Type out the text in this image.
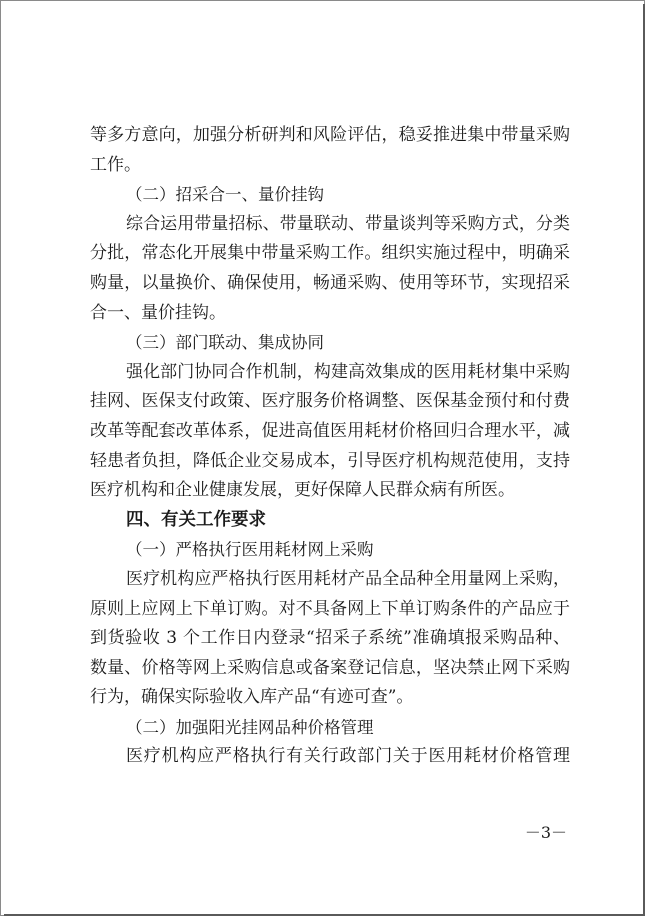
等多方意向，加强分析研判和风险评估，稳妥推进集中带量采购
工作。
（二）招采合一、量价挂钩
综合运用带量招标、带量联动、带量谈判等采购方式，分类
分批，常态化开展集中带量采购工作。组织实施过程中，明确采
购量，以量换价、确保使用，畅通采购、使用等环节，实现招采
合一、量价挂钩。
（三）部门联动、集成协同
强化部门协同合作机制，构建高效集成的医用耗材集中采购
挂网、医保支付政策、医疗服务价格调整、医保基金预付和付费
改革等配套改革体系，促进高值医用耗材价格回归合理水平，减
轻患者负担，降低企业交易成本，引导医疗机构规范使用，支持
医疗机构和企业健康发展，更好保障人民群众病有所医。
四、有关工作要求
（一）严格执行医用耗材网上采购
医疗机构应严格执行医用耗材产品全品种全用量网上采购，
原则上应网上下单订购。对不具备网上下单订购条件的产品应于
到货验收 3 个工作日内登录“招采子系统”准确填报采购品种、
数量、价格等网上采购信息或备案登记信息，坚决禁止网下采购
行为，确保实际验收入库产品“有迹可查”。
（二）加强阳光挂网品种价格管理
医疗机构应严格执行有关行政部门关于医用耗材价格管理
－3－
